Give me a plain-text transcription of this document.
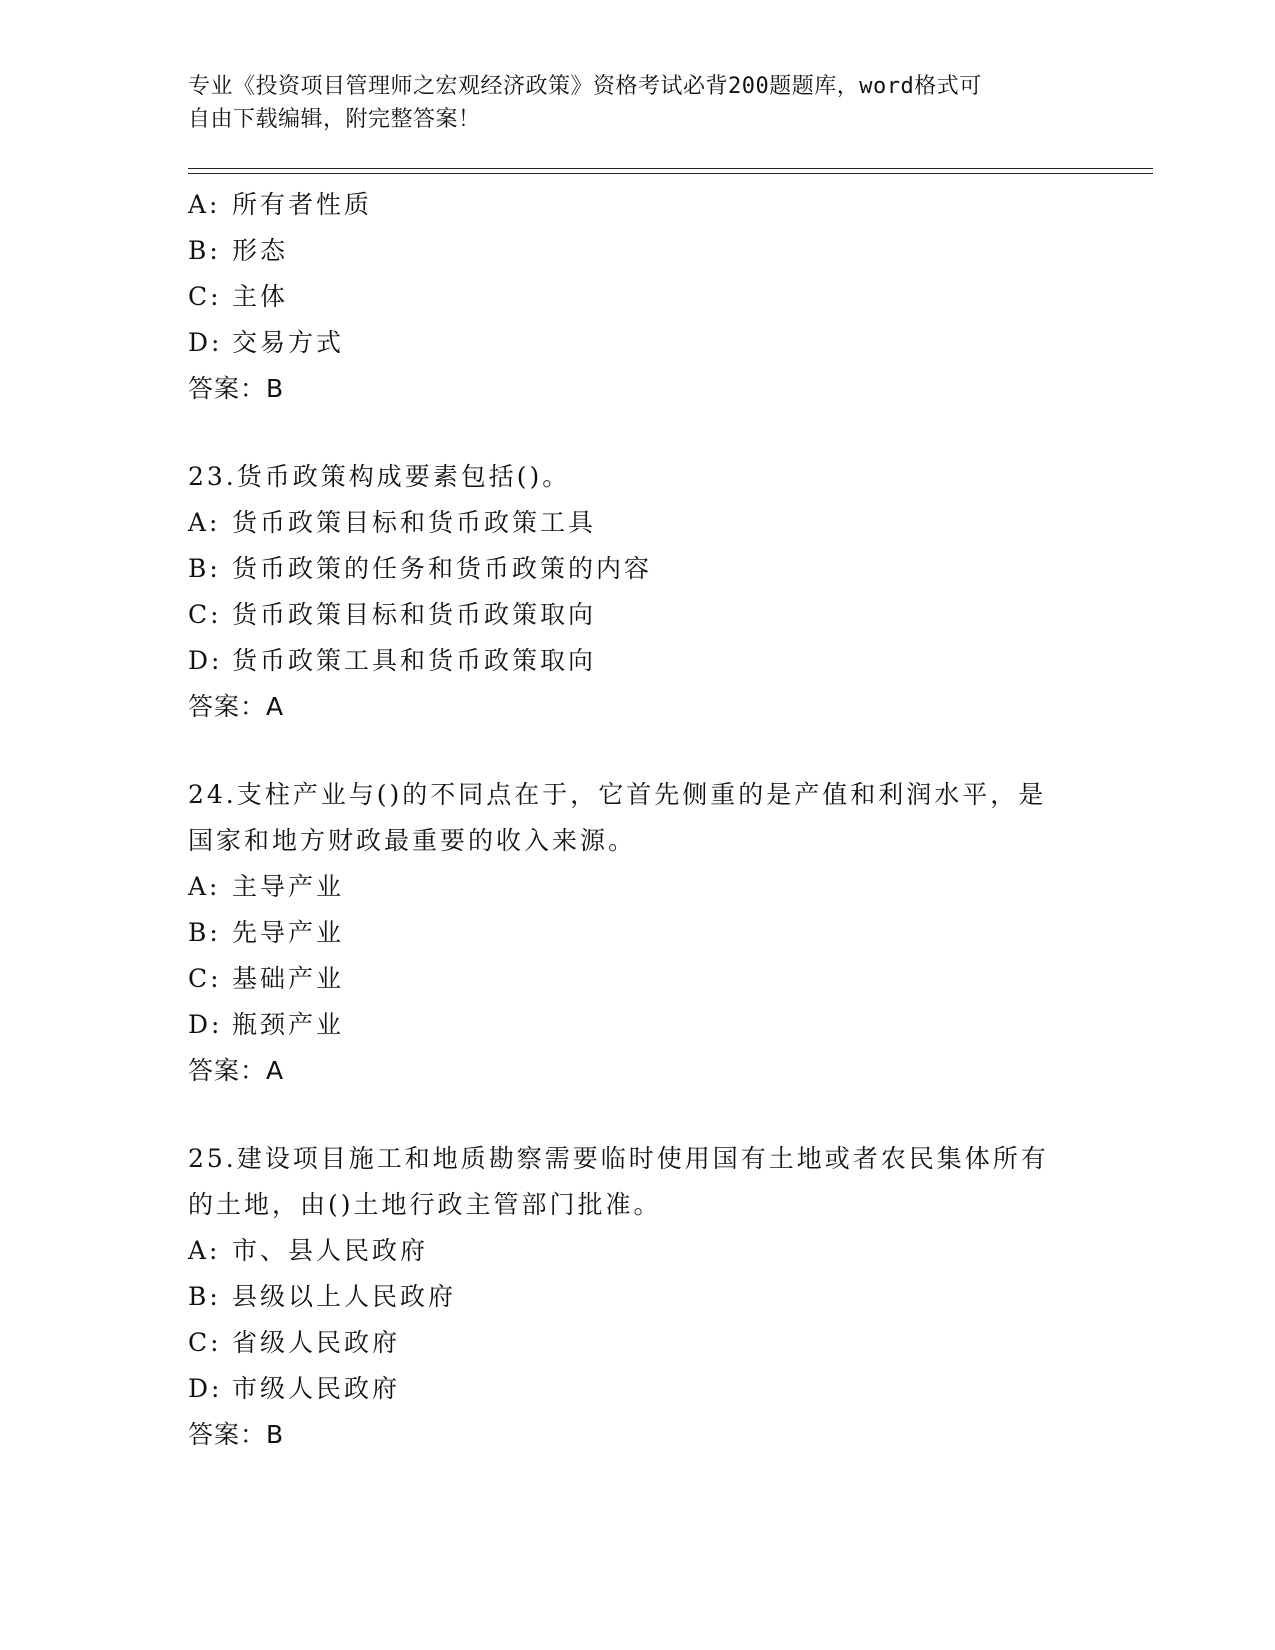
专业《投资项目管理师之宏观经济政策》资格考试必背200题题库，word格式可
自由下载编辑，附完整答案！
A: 所有者性质
B: 形态
C: 主体
D: 交易方式
答案：B
23.货币政策构成要素包括()。
A: 货币政策目标和货币政策工具
B: 货币政策的任务和货币政策的内容
C: 货币政策目标和货币政策取向
D: 货币政策工具和货币政策取向
答案：A
24.支柱产业与()的不同点在于，它首先侧重的是产值和利润水平，是
国家和地方财政最重要的收入来源。
A: 主导产业
B: 先导产业
C: 基础产业
D: 瓶颈产业
答案：A
25.建设项目施工和地质勘察需要临时使用国有土地或者农民集体所有
的土地，由()土地行政主管部门批准。
A: 市、县人民政府
B: 县级以上人民政府
C: 省级人民政府
D: 市级人民政府
答案：B
